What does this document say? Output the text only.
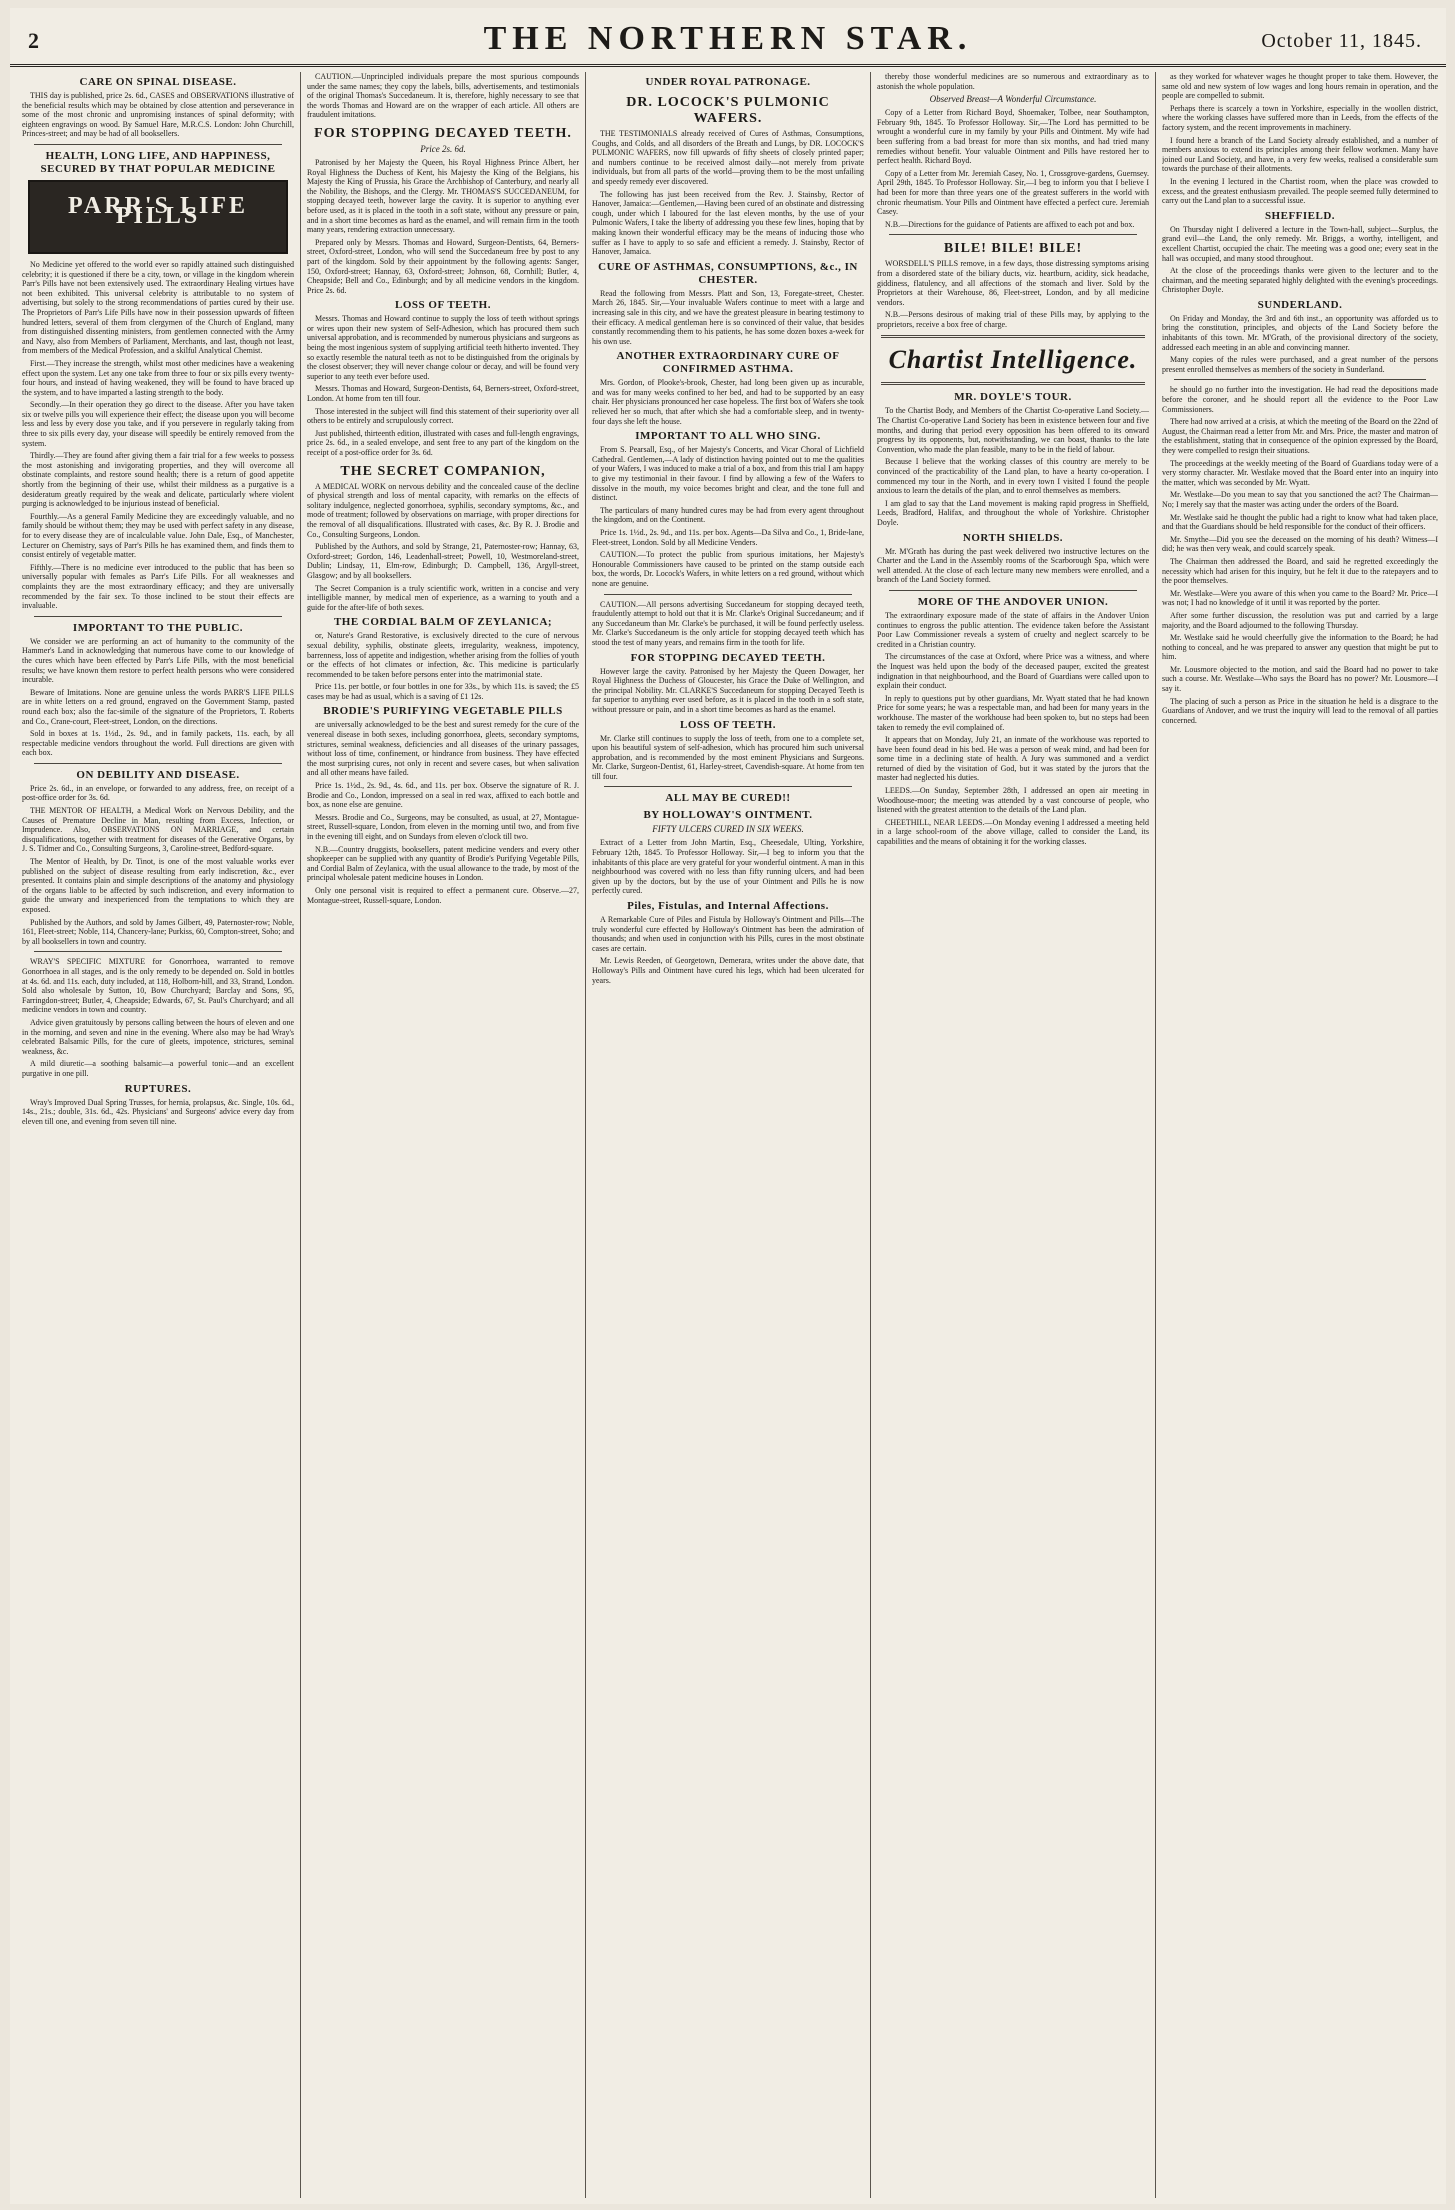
2	THE NORTHERN STAR.	October 11, 1845.
CARE ON SPINAL DISEASE.

THIS day is published, price 2s. 6d., CASES and OBSERVATIONS illustrative of the beneficial results which may be obtained by close attention and perseverance in some of the most chronic and unpromising instances of spinal deformity; with eighteen engravings on wood. By Samuel Hare, M.R.C.S. London: John Churchill, Princes-street; and may be had of all booksellers.

HEALTH, LONG LIFE, AND HAPPINESS, SECURED BY THAT POPULAR MEDICINE
PARR'S LIFE PILLS

No Medicine yet offered to the world ever so rapidly attained such distinguished celebrity; it is questioned if there be a city, town, or village in the kingdom wherein Parr's Pills have not been extensively used. The extraordinary Healing virtues have not been exhibited. This universal celebrity is attributable to no system of advertising, but solely to the strong recommendations of parties cured by their use. The Proprietors of Parr's Life Pills have now in their possession upwards of fifteen hundred letters, several of them from clergymen of the Church of England, many from distinguished dissenting ministers, from gentlemen connected with the Army and Navy, also from Members of Parliament, Merchants, and last, though not least, from members of the Medical Profession, and a skilful Analytical Chemist.

First.—They increase the strength, whilst most other medicines have a weakening effect upon the system. Let any one take from three to four or six pills every twenty-four hours, and instead of having weakened, they will be found to have braced up the system, and to have imparted a lasting strength to the body.

Secondly.—In their operation they go direct to the disease. After you have taken six or twelve pills you will experience their effect; the disease upon you will become less and less by every dose you take, and if you persevere in regularly taking from three to six pills every day, your disease will speedily be entirely removed from the system.

Thirdly.—They are found after giving them a fair trial for a few weeks to possess the most astonishing and invigorating properties, and they will overcome all obstinate complaints, and restore sound health; there is a return of good appetite shortly from the beginning of their use, whilst their mildness as a purgative is a desideratum greatly required by the weak and delicate, particularly where violent purging is acknowledged to be injurious instead of beneficial.

Fourthly.—As a general Family Medicine they are exceedingly valuable, and no family should be without them; they may be used with perfect safety in any disease, for to every disease they are of incalculable value. John Dale, Esq., of Manchester, Lecturer on Chemistry, says of Parr's Pills he has examined them, and finds them to consist entirely of vegetable matter.

Fifthly.—There is no medicine ever introduced to the public that has been so universally popular with females as Parr's Life Pills. For all weaknesses and complaints they are the most extraordinary efficacy; and they are universally recommended by the fair sex. To those inclined to be stout their effects are invaluable.

IMPORTANT TO THE PUBLIC.

We consider we are performing an act of humanity to the community of the Hammer's Land in acknowledging that numerous have come to our knowledge of the cures which have been effected by Parr's Life Pills, with the most beneficial results; we have known them restore to perfect health persons who were considered incurable.

Beware of Imitations. None are genuine unless the words PARR'S LIFE PILLS are in white letters on a red ground, engraved on the Government Stamp, pasted round each box; also the fac-simile of the signature of the Proprietors, T. Roberts and Co., Crane-court, Fleet-street, London, on the directions.

Sold in boxes at 1s. 1½d., 2s. 9d., and in family packets, 11s. each, by all respectable medicine vendors throughout the world. Full directions are given with each box.

ON DEBILITY AND DISEASE.

Price 2s. 6d., in an envelope, or forwarded to any address, free, on receipt of a post-office order for 3s. 6d.

THE MENTOR OF HEALTH, a Medical Work on Nervous Debility, and the Causes of Premature Decline in Man, resulting from Excess, Infection, or Imprudence. Also, OBSERVATIONS ON MARRIAGE, and certain disqualifications, together with treatment for diseases of the Generative Organs, by J. S. Tidmer and Co., Consulting Surgeons, 3, Caroline-street, Bedford-square.

The Mentor of Health, by Dr. Tinot, is one of the most valuable works ever published on the subject of disease resulting from early indiscretion, &c., ever presented. It contains plain and simple descriptions of the anatomy and physiology of the organs liable to be affected by such indiscretion, and every information to guide the unwary and inexperienced from the temptations to which they are exposed.

Published by the Authors, and sold by James Gilbert, 49, Paternoster-row; Noble, 161, Fleet-street; Noble, 114, Chancery-lane; Purkiss, 60, Compton-street, Soho; and by all booksellers in town and country.

WRAY'S SPECIFIC MIXTURE for Gonorrhoea, warranted to remove Gonorrhoea in all stages, and is the only remedy to be depended on. Sold in bottles at 4s. 6d. and 11s. each, duty included, at 118, Holborn-hill, and 33, Strand, London. Sold also wholesale by Sutton, 10, Bow Churchyard; Barclay and Sons, 95, Farringdon-street; Butler, 4, Cheapside; Edwards, 67, St. Paul's Churchyard; and all medicine vendors in town and country.

Advice given gratuitously by persons calling between the hours of eleven and one in the morning, and seven and nine in the evening. Where also may be had Wray's celebrated Balsamic Pills, for the cure of gleets, impotence, strictures, seminal weakness, &c.

A mild diuretic—a soothing balsamic—a powerful tonic—and an excellent purgative in one pill.

RUPTURES.

Wray's Improved Dual Spring Trusses, for hernia, prolapsus, &c. Single, 10s. 6d., 14s., 21s.; double, 31s. 6d., 42s. Physicians' and Surgeons' advice every day from eleven till one, and evening from seven till nine.

CAUTION.—Unprincipled individuals prepare the most spurious compounds under the same names; they copy the labels, bills, advertisements, and testimonials of the original Thomas's Succedaneum. It is, therefore, highly necessary to see that the words Thomas and Howard are on the wrapper of each article. All others are fraudulent imitations.

FOR STOPPING DECAYED TEETH.
Price 2s. 6d.

Patronised by her Majesty the Queen, his Royal Highness Prince Albert, her Royal Highness the Duchess of Kent, his Majesty the King of the Belgians, his Majesty the King of Prussia, his Grace the Archbishop of Canterbury, and nearly all the Nobility, the Bishops, and the Clergy. Mr. THOMAS'S SUCCEDANEUM, for stopping decayed teeth, however large the cavity. It is superior to anything ever before used, as it is placed in the tooth in a soft state, without any pressure or pain, and in a short time becomes as hard as the enamel, and will remain firm in the tooth many years, rendering extraction unnecessary.

Prepared only by Messrs. Thomas and Howard, Surgeon-Dentists, 64, Berners-street, Oxford-street, London, who will send the Succedaneum free by post to any part of the kingdom. Sold by their appointment by the following agents: Sanger, 150, Oxford-street; Hannay, 63, Oxford-street; Johnson, 68, Cornhill; Butler, 4, Cheapside; Bell and Co., Edinburgh; and by all medicine vendors in the kingdom. Price 2s. 6d.

LOSS OF TEETH.

Messrs. Thomas and Howard continue to supply the loss of teeth without springs or wires upon their new system of Self-Adhesion, which has procured them such universal approbation, and is recommended by numerous physicians and surgeons as being the most ingenious system of supplying artificial teeth hitherto invented. They so exactly resemble the natural teeth as not to be distinguished from the originals by the closest observer; they will never change colour or decay, and will be found very superior to any teeth ever before used.

Messrs. Thomas and Howard, Surgeon-Dentists, 64, Berners-street, Oxford-street, London. At home from ten till four.

Those interested in the subject will find this statement of their superiority over all others to be entirely and scrupulously correct.

Just published, thirteenth edition, illustrated with cases and full-length engravings, price 2s. 6d., in a sealed envelope, and sent free to any part of the kingdom on the receipt of a post-office order for 3s. 6d.

THE SECRET COMPANION,

A MEDICAL WORK on nervous debility and the concealed cause of the decline of physical strength and loss of mental capacity, with remarks on the effects of solitary indulgence, neglected gonorrhoea, syphilis, secondary symptoms, &c., and mode of treatment; followed by observations on marriage, with proper directions for the removal of all disqualifications. Illustrated with cases, &c. By R. J. Brodie and Co., Consulting Surgeons, London.

Published by the Authors, and sold by Strange, 21, Paternoster-row; Hannay, 63, Oxford-street; Gordon, 146, Leadenhall-street; Powell, 10, Westmoreland-street, Dublin; Lindsay, 11, Elm-row, Edinburgh; D. Campbell, 136, Argyll-street, Glasgow; and by all booksellers.

The Secret Companion is a truly scientific work, written in a concise and very intelligible manner, by medical men of experience, as a warning to youth and a guide for the after-life of both sexes.

THE CORDIAL BALM OF ZEYLANICA;

or, Nature's Grand Restorative, is exclusively directed to the cure of nervous sexual debility, syphilis, obstinate gleets, irregularity, weakness, impotency, barrenness, loss of appetite and indigestion, whether arising from the follies of youth or the effects of hot climates or infection, &c. This medicine is particularly recommended to be taken before persons enter into the matrimonial state.

Price 11s. per bottle, or four bottles in one for 33s., by which 11s. is saved; the £5 cases may be had as usual, which is a saving of £1 12s.

BRODIE'S PURIFYING VEGETABLE PILLS

are universally acknowledged to be the best and surest remedy for the cure of the venereal disease in both sexes, including gonorrhoea, gleets, secondary symptoms, strictures, seminal weakness, deficiencies and all diseases of the urinary passages, without loss of time, confinement, or hindrance from business. They have effected the most surprising cures, not only in recent and severe cases, but when salivation and all other means have failed.

Price 1s. 1½d., 2s. 9d., 4s. 6d., and 11s. per box. Observe the signature of R. J. Brodie and Co., London, impressed on a seal in red wax, affixed to each bottle and box, as none else are genuine.

Messrs. Brodie and Co., Surgeons, may be consulted, as usual, at 27, Montague-street, Russell-square, London, from eleven in the morning until two, and from five in the evening till eight, and on Sundays from eleven o'clock till two.

N.B.—Country druggists, booksellers, patent medicine venders and every other shopkeeper can be supplied with any quantity of Brodie's Purifying Vegetable Pills, and Cordial Balm of Zeylanica, with the usual allowance to the trade, by most of the principal wholesale patent medicine houses in London.

Only one personal visit is required to effect a permanent cure. Observe.—27, Montague-street, Russell-square, London.

UNDER ROYAL PATRONAGE.
DR. LOCOCK'S PULMONIC WAFERS.

THE TESTIMONIALS already received of Cures of Asthmas, Consumptions, Coughs, and Colds, and all disorders of the Breath and Lungs, by DR. LOCOCK'S PULMONIC WAFERS, now fill upwards of fifty sheets of closely printed paper; and numbers continue to be received almost daily—not merely from private individuals, but from all parts of the world—proving them to be the most unfailing and speedy remedy ever discovered.

The following has just been received from the Rev. J. Stainsby, Rector of Hanover, Jamaica:—Gentlemen,—Having been cured of an obstinate and distressing cough, under which I laboured for the last eleven months, by the use of your Pulmonic Wafers, I take the liberty of addressing you these few lines, hoping that by making known their wonderful efficacy may be the means of inducing those who suffer as I have to apply to so safe and efficient a remedy. J. Stainsby, Rector of Hanover, Jamaica.

CURE OF ASTHMAS, CONSUMPTIONS, &c., IN CHESTER.

Read the following from Messrs. Platt and Son, 13, Foregate-street, Chester. March 26, 1845. Sir,—Your invaluable Wafers continue to meet with a large and increasing sale in this city, and we have the greatest pleasure in bearing testimony to their efficacy. A medical gentleman here is so convinced of their value, that besides constantly recommending them to his patients, he has some dozen boxes a-week for his own use.

ANOTHER EXTRAORDINARY CURE OF CONFIRMED ASTHMA.

Mrs. Gordon, of Plooke's-brook, Chester, had long been given up as incurable, and was for many weeks confined to her bed, and had to be supported by an easy chair. Her physicians pronounced her case hopeless. The first box of Wafers she took relieved her so much, that after which she had a comfortable sleep, and in twenty-four days she left the house.

IMPORTANT TO ALL WHO SING.

From S. Pearsall, Esq., of her Majesty's Concerts, and Vicar Choral of Lichfield Cathedral. Gentlemen,—A lady of distinction having pointed out to me the qualities of your Wafers, I was induced to make a trial of a box, and from this trial I am happy to give my testimonial in their favour. I find by allowing a few of the Wafers to dissolve in the mouth, my voice becomes bright and clear, and the tone full and distinct.

The particulars of many hundred cures may be had from every agent throughout the kingdom, and on the Continent.

Price 1s. 1½d., 2s. 9d., and 11s. per box. Agents—Da Silva and Co., 1, Bride-lane, Fleet-street, London. Sold by all Medicine Venders.

CAUTION.—To protect the public from spurious imitations, her Majesty's Honourable Commissioners have caused to be printed on the stamp outside each box, the words, Dr. Locock's Wafers, in white letters on a red ground, without which none are genuine.

CAUTION.—All persons advertising Succedaneum for stopping decayed teeth, fraudulently attempt to hold out that it is Mr. Clarke's Original Succedaneum; and if any Succedaneum than Mr. Clarke's be purchased, it will be found perfectly useless. Mr. Clarke's Succedaneum is the only article for stopping decayed teeth which has stood the test of many years, and remains firm in the tooth for life.

FOR STOPPING DECAYED TEETH.

However large the cavity. Patronised by her Majesty the Queen Dowager, her Royal Highness the Duchess of Gloucester, his Grace the Duke of Wellington, and the principal Nobility. Mr. CLARKE'S Succedaneum for stopping Decayed Teeth is far superior to anything ever used before, as it is placed in the tooth in a soft state, without pressure or pain, and in a short time becomes as hard as the enamel.

LOSS OF TEETH.

Mr. Clarke still continues to supply the loss of teeth, from one to a complete set, upon his beautiful system of self-adhesion, which has procured him such universal approbation, and is recommended by the most eminent Physicians and Surgeons. Mr. Clarke, Surgeon-Dentist, 61, Harley-street, Cavendish-square. At home from ten till four.

ALL MAY BE CURED!!
BY HOLLOWAY'S OINTMENT.
FIFTY ULCERS CURED IN SIX WEEKS.

Extract of a Letter from John Martin, Esq., Cheesedale, Ulting, Yorkshire, February 12th, 1845. To Professor Holloway. Sir,—I beg to inform you that the inhabitants of this place are very grateful for your wonderful ointment. A man in this neighbourhood was covered with no less than fifty running ulcers, and had been given up by the doctors, but by the use of your Ointment and Pills he is now perfectly cured.

Piles, Fistulas, and Internal Affections.

A Remarkable Cure of Piles and Fistula by Holloway's Ointment and Pills—The truly wonderful cure effected by Holloway's Ointment has been the admiration of thousands; and when used in conjunction with his Pills, cures in the most obstinate cases are certain.

Mr. Lewis Reeden, of Georgetown, Demerara, writes under the above date, that Holloway's Pills and Ointment have cured his legs, which had been ulcerated for years.

thereby those wonderful medicines are so numerous and extraordinary as to astonish the whole population.

Observed Breast—A Wonderful Circumstance.

Copy of a Letter from Richard Boyd, Shoemaker, Tolbee, near Southampton, February 9th, 1845. To Professor Holloway. Sir,—The Lord has permitted to be wrought a wonderful cure in my family by your Pills and Ointment. My wife had been suffering from a bad breast for more than six months, and had tried many remedies without benefit. Your valuable Ointment and Pills have restored her to perfect health. Richard Boyd.

Copy of a Letter from Mr. Jeremiah Casey, No. 1, Crossgrove-gardens, Guernsey. April 29th, 1845. To Professor Holloway. Sir,—I beg to inform you that I believe I had been for more than three years one of the greatest sufferers in the world with chronic rheumatism. Your Pills and Ointment have effected a perfect cure. Jeremiah Casey.

N.B.—Directions for the guidance of Patients are affixed to each pot and box.

BILE! BILE! BILE!

WORSDELL'S PILLS remove, in a few days, those distressing symptoms arising from a disordered state of the biliary ducts, viz. heartburn, acidity, sick headache, giddiness, flatulency, and all affections of the stomach and liver. Sold by the Proprietors at their Warehouse, 86, Fleet-street, London, and by all medicine vendors.

N.B.—Persons desirous of making trial of these Pills may, by applying to the proprietors, receive a box free of charge.

Chartist Intelligence.
MR. DOYLE'S TOUR.

To the Chartist Body, and Members of the Chartist Co-operative Land Society.—The Chartist Co-operative Land Society has been in existence between four and five months, and during that period every opposition has been offered to its onward progress by its opponents, but, notwithstanding, we can boast, thanks to the late Convention, who made the plan feasible, many to be in the field of labour.

Because I believe that the working classes of this country are merely to be convinced of the practicability of the Land plan, to have a hearty co-operation. I commenced my tour in the North, and in every town I visited I found the people anxious to learn the details of the plan, and to enrol themselves as members.

I am glad to say that the Land movement is making rapid progress in Sheffield, Leeds, Bradford, Halifax, and throughout the whole of Yorkshire. Christopher Doyle.

NORTH SHIELDS.

Mr. M'Grath has during the past week delivered two instructive lectures on the Charter and the Land in the Assembly rooms of the Scarborough Spa, which were well attended. At the close of each lecture many new members were enrolled, and a branch of the Land Society formed.

MORE OF THE ANDOVER UNION.

The extraordinary exposure made of the state of affairs in the Andover Union continues to engross the public attention. The evidence taken before the Assistant Poor Law Commissioner reveals a system of cruelty and neglect scarcely to be credited in a Christian country.

The circumstances of the case at Oxford, where Price was a witness, and where the Inquest was held upon the body of the deceased pauper, excited the greatest indignation in that neighbourhood, and the Board of Guardians were called upon to explain their conduct.

In reply to questions put by other guardians, Mr. Wyatt stated that he had known Price for some years; he was a respectable man, and had been for many years in the workhouse. The master of the workhouse had been spoken to, but no steps had been taken to remedy the evil complained of.

It appears that on Monday, July 21, an inmate of the workhouse was reported to have been found dead in his bed. He was a person of weak mind, and had been for some time in a declining state of health. A Jury was summoned and a verdict returned of died by the visitation of God, but it was stated by the jurors that the master had neglected his duties.

LEEDS.—On Sunday, September 28th, I addressed an open air meeting in Woodhouse-moor; the meeting was attended by a vast concourse of people, who listened with the greatest attention to the details of the Land plan.

CHEETHILL, NEAR LEEDS.—On Monday evening I addressed a meeting held in a large school-room of the above village, called to consider the Land, its capabilities and the means of obtaining it for the working classes.

as they worked for whatever wages he thought proper to take them. However, the same old and new system of low wages and long hours remain in operation, and the people are compelled to submit.

Perhaps there is scarcely a town in Yorkshire, especially in the woollen district, where the working classes have suffered more than in Leeds, from the effects of the factory system, and the recent improvements in machinery.

I found here a branch of the Land Society already established, and a number of members anxious to extend its principles among their fellow workmen. Many have joined our Land Society, and have, in a very few weeks, realised a considerable sum towards the purchase of their allotments.

In the evening I lectured in the Chartist room, when the place was crowded to excess, and the greatest enthusiasm prevailed. The people seemed fully determined to carry out the Land plan to a successful issue.

SHEFFIELD.

On Thursday night I delivered a lecture in the Town-hall, subject—Surplus, the grand evil—the Land, the only remedy. Mr. Briggs, a worthy, intelligent, and excellent Chartist, occupied the chair. The meeting was a good one; every seat in the hall was occupied, and many stood throughout.

At the close of the proceedings thanks were given to the lecturer and to the chairman, and the meeting separated highly delighted with the evening's proceedings. Christopher Doyle.

SUNDERLAND.

On Friday and Monday, the 3rd and 6th inst., an opportunity was afforded us to bring the constitution, principles, and objects of the Land Society before the inhabitants of this town. Mr. M'Grath, of the provisional directory of the society, addressed each meeting in an able and convincing manner.

Many copies of the rules were purchased, and a great number of the persons present enrolled themselves as members of the society in Sunderland.

he should go no further into the investigation. He had read the depositions made before the coroner, and he should report all the evidence to the Poor Law Commissioners.

There had now arrived at a crisis, at which the meeting of the Board on the 22nd of August, the Chairman read a letter from Mr. and Mrs. Price, the master and matron of the establishment, stating that in consequence of the opinion expressed by the Board, they were compelled to resign their situations.

The proceedings at the weekly meeting of the Board of Guardians today were of a very stormy character. Mr. Westlake moved that the Board enter into an inquiry into the matter, which was seconded by Mr. Wyatt.

Mr. Westlake—Do you mean to say that you sanctioned the act? The Chairman—No; I merely say that the master was acting under the orders of the Board.

Mr. Westlake said he thought the public had a right to know what had taken place, and that the Guardians should be held responsible for the conduct of their officers.

Mr. Smythe—Did you see the deceased on the morning of his death? Witness—I did; he was then very weak, and could scarcely speak.

The Chairman then addressed the Board, and said he regretted exceedingly the necessity which had arisen for this inquiry, but he felt it due to the ratepayers and to the poor themselves.

Mr. Westlake—Were you aware of this when you came to the Board? Mr. Price—I was not; I had no knowledge of it until it was reported by the porter.

After some further discussion, the resolution was put and carried by a large majority, and the Board adjourned to the following Thursday.

Mr. Westlake said he would cheerfully give the information to the Board; he had nothing to conceal, and he was prepared to answer any question that might be put to him.

Mr. Lousmore objected to the motion, and said the Board had no power to take such a course. Mr. Westlake—Who says the Board has no power? Mr. Lousmore—I say it.

The placing of such a person as Price in the situation he held is a disgrace to the Guardians of Andover, and we trust the inquiry will lead to the removal of all parties concerned.
